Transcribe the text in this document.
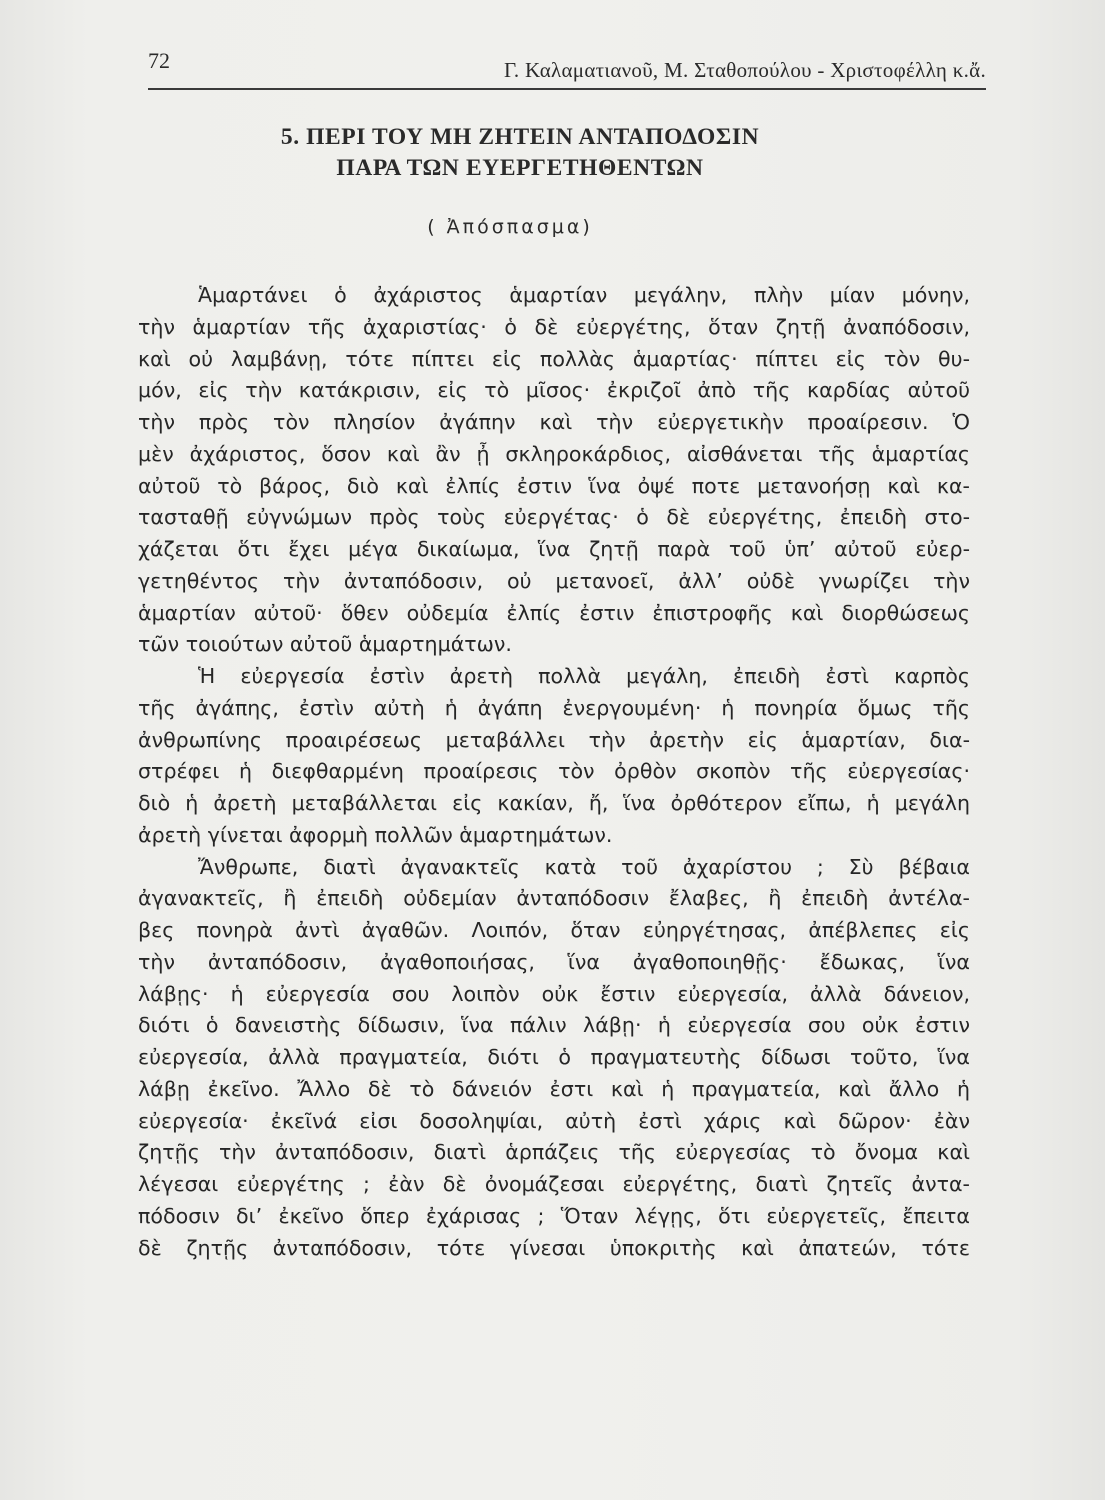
72	Γ. Καλαματιανοῦ, Μ. Σταθοπούλου - Χριστοφέλλη κ.ἄ.
5. ΠΕΡΙ ΤΟΥ ΜΗ ΖΗΤΕΙΝ ΑΝΤΑΠΟΔΟΣΙΝ
ΠΑΡΑ ΤΩΝ ΕΥΕΡΓΕΤΗΘΕΝΤΩΝ
( Ἀπόσπασμα)
Ἁμαρτάνει ὁ ἀχάριστος ἁμαρτίαν μεγάλην, πλὴν μίαν μόνην,
τὴν ἁμαρτίαν τῆς ἀχαριστίας· ὁ δὲ εὐεργέτης, ὅταν ζητῇ ἀναπόδοσιν,
καὶ οὐ λαμβάνῃ, τότε πίπτει εἰς πολλὰς ἁμαρτίας· πίπτει εἰς τὸν θυ-
μόν, εἰς τὴν κατάκρισιν, εἰς τὸ μῖσος· ἐκριζοῖ ἀπὸ τῆς καρδίας αὐτοῦ
τὴν πρὸς τὸν πλησίον ἀγάπην καὶ τὴν εὐεργετικὴν προαίρεσιν. Ὁ
μὲν ἀχάριστος, ὅσον καὶ ἂν ᾖ σκληροκάρδιος, αἰσθάνεται τῆς ἁμαρτίας
αὐτοῦ τὸ βάρος, διὸ καὶ ἐλπίς ἐστιν ἵνα ὀψέ ποτε μετανοήσῃ καὶ κα-
τασταθῇ εὐγνώμων πρὸς τοὺς εὐεργέτας· ὁ δὲ εὐεργέτης, ἐπειδὴ στο-
χάζεται ὅτι ἔχει μέγα δικαίωμα, ἵνα ζητῇ παρὰ τοῦ ὑπ’ αὐτοῦ εὐερ-
γετηθέντος τὴν ἀνταπόδοσιν, οὐ μετανοεῖ, ἀλλ’ οὐδὲ γνωρίζει τὴν
ἁμαρτίαν αὐτοῦ· ὅθεν οὐδεμία ἐλπίς ἐστιν ἐπιστροφῆς καὶ διορθώσεως
τῶν τοιούτων αὐτοῦ ἁμαρτημάτων.
Ἡ εὐεργεσία ἐστὶν ἀρετὴ πολλὰ μεγάλη, ἐπειδὴ ἐστὶ καρπὸς
τῆς ἀγάπης, ἐστὶν αὐτὴ ἡ ἀγάπη ἐνεργουμένη· ἡ πονηρία ὅμως τῆς
ἀνθρωπίνης προαιρέσεως μεταβάλλει τὴν ἀρετὴν εἰς ἁμαρτίαν, δια-
στρέφει ἡ διεφθαρμένη προαίρεσις τὸν ὀρθὸν σκοπὸν τῆς εὐεργεσίας·
διὸ ἡ ἀρετὴ μεταβάλλεται εἰς κακίαν, ἤ, ἵνα ὀρθότερον εἴπω, ἡ μεγάλη
ἀρετὴ γίνεται ἀφορμὴ πολλῶν ἁμαρτημάτων.
Ἄνθρωπε, διατὶ ἀγανακτεῖς κατὰ τοῦ ἀχαρίστου ; Σὺ βέβαια
ἀγανακτεῖς, ἢ ἐπειδὴ οὐδεμίαν ἀνταπόδοσιν ἔλαβες, ἢ ἐπειδὴ ἀντέλα-
βες πονηρὰ ἀντὶ ἀγαθῶν. Λοιπόν, ὅταν εὐηργέτησας, ἀπέβλεπες εἰς
τὴν ἀνταπόδοσιν, ἀγαθοποιήσας, ἵνα ἀγαθοποιηθῇς· ἔδωκας, ἵνα
λάβῃς· ἡ εὐεργεσία σου λοιπὸν οὐκ ἔστιν εὐεργεσία, ἀλλὰ δάνειον,
διότι ὁ δανειστὴς δίδωσιν, ἵνα πάλιν λάβῃ· ἡ εὐεργεσία σου οὐκ ἐστιν
εὐεργεσία, ἀλλὰ πραγματεία, διότι ὁ πραγματευτὴς δίδωσι τοῦτο, ἵνα
λάβῃ ἐκεῖνο. Ἄλλο δὲ τὸ δάνειόν ἐστι καὶ ἡ πραγματεία, καὶ ἄλλο ἡ
εὐεργεσία· ἐκεῖνά εἰσι δοσοληψίαι, αὐτὴ ἐστὶ χάρις καὶ δῶρον· ἐὰν
ζητῇς τὴν ἀνταπόδοσιν, διατὶ ἁρπάζεις τῆς εὐεργεσίας τὸ ὄνομα καὶ
λέγεσαι εὐεργέτης ; ἐὰν δὲ ὀνομάζεσαι εὐεργέτης, διατὶ ζητεῖς ἀντα-
πόδοσιν δι’ ἐκεῖνο ὅπερ ἐχάρισας ; Ὅταν λέγῃς, ὅτι εὐεργετεῖς, ἔπειτα
δὲ ζητῇς ἀνταπόδοσιν, τότε γίνεσαι ὑποκριτὴς καὶ ἀπατεών, τότε
